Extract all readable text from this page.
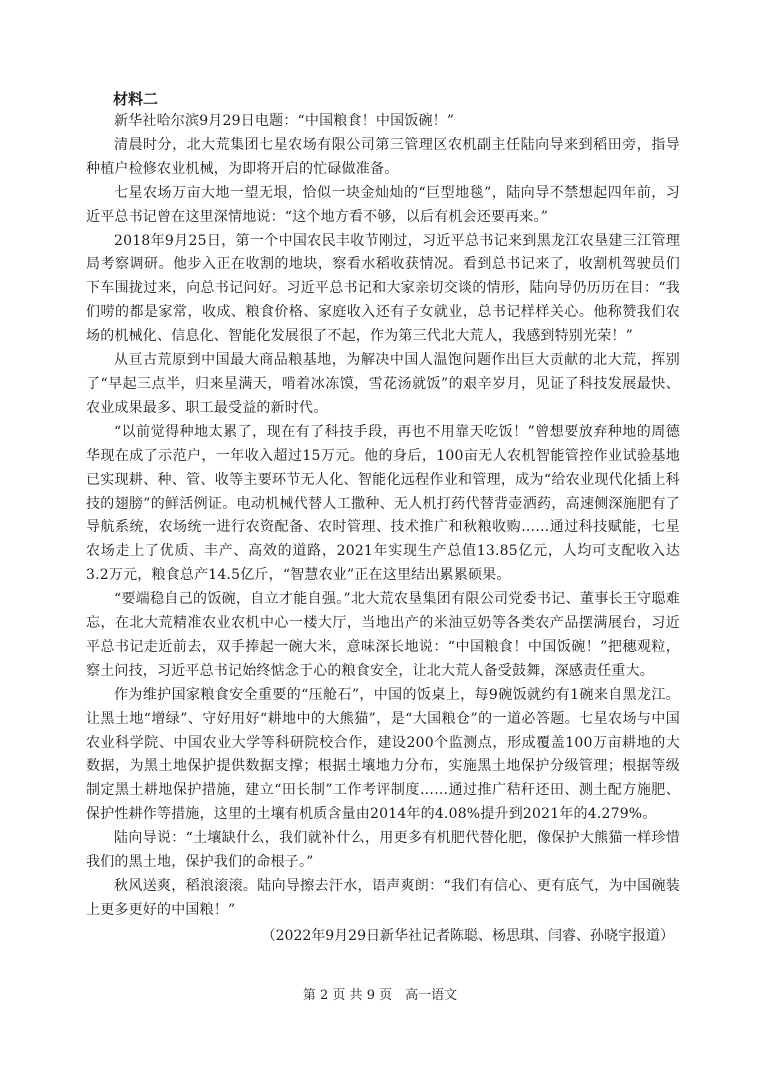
材料二

新华社哈尔滨9月29日电题：“中国粮食！中国饭碗！”

清晨时分，北大荒集团七星农场有限公司第三管理区农机副主任陆向导来到稻田旁，指导种植户检修农业机械，为即将开启的忙碌做准备。

七星农场万亩大地一望无垠，恰似一块金灿灿的“巨型地毯”，陆向导不禁想起四年前，习近平总书记曾在这里深情地说：“这个地方看不够，以后有机会还要再来。”

2018年9月25日，第一个中国农民丰收节刚过，习近平总书记来到黑龙江农垦建三江管理局考察调研。他步入正在收割的地块，察看水稻收获情况。看到总书记来了，收割机驾驶员们下车围拢过来，向总书记问好。习近平总书记和大家亲切交谈的情形，陆向导仍历历在目：“我们唠的都是家常，收成、粮食价格、家庭收入还有子女就业，总书记样样关心。他称赞我们农场的机械化、信息化、智能化发展很了不起，作为第三代北大荒人，我感到特别光荣！”

从亘古荒原到中国最大商品粮基地，为解决中国人温饱问题作出巨大贡献的北大荒，挥别了“早起三点半，归来星满天，啃着冰冻馍，雪花汤就饭”的艰辛岁月，见证了科技发展最快、农业成果最多、职工最受益的新时代。

“以前觉得种地太累了，现在有了科技手段，再也不用靠天吃饭！”曾想要放弃种地的周德华现在成了示范户，一年收入超过15万元。他的身后，100亩无人农机智能管控作业试验基地已实现耕、种、管、收等主要环节无人化、智能化远程作业和管理，成为“给农业现代化插上科技的翅膀”的鲜活例证。电动机械代替人工撒种、无人机打药代替背壶洒药，高速侧深施肥有了导航系统，农场统一进行农资配备、农时管理、技术推广和秋粮收购……通过科技赋能，七星农场走上了优质、丰产、高效的道路，2021年实现生产总值13.85亿元，人均可支配收入达3.2万元，粮食总产14.5亿斤，“智慧农业”正在这里结出累累硕果。

“要端稳自己的饭碗，自立才能自强。”北大荒农垦集团有限公司党委书记、董事长王守聪难忘，在北大荒精准农业农机中心一楼大厅，当地出产的米油豆奶等各类农产品摆满展台，习近平总书记走近前去，双手捧起一碗大米，意味深长地说：“中国粮食！中国饭碗！”把穗观粒，察土问技，习近平总书记始终惦念于心的粮食安全，让北大荒人备受鼓舞，深感责任重大。

作为维护国家粮食安全重要的“压舱石”，中国的饭桌上，每9碗饭就约有1碗来自黑龙江。让黑土地“增绿”、守好用好“耕地中的大熊猫”，是“大国粮仓”的一道必答题。七星农场与中国农业科学院、中国农业大学等科研院校合作，建设200个监测点，形成覆盖100万亩耕地的大数据，为黑土地保护提供数据支撑；根据土壤地力分布，实施黑土地保护分级管理；根据等级制定黑土耕地保护措施，建立“田长制”工作考评制度……通过推广秸秆还田、测土配方施肥、保护性耕作等措施，这里的土壤有机质含量由2014年的4.08%提升到2021年的4.279%。

陆向导说：“土壤缺什么，我们就补什么，用更多有机肥代替化肥，像保护大熊猫一样珍惜我们的黑土地，保护我们的命根子。”

秋风送爽，稻浪滚滚。陆向导擦去汗水，语声爽朗：“我们有信心、更有底气，为中国碗装上更多更好的中国粮！”

（2022年9月29日新华社记者陈聪、杨思琪、闫睿、孙晓宇报道）
第 2 页 共 9 页　高一语文
